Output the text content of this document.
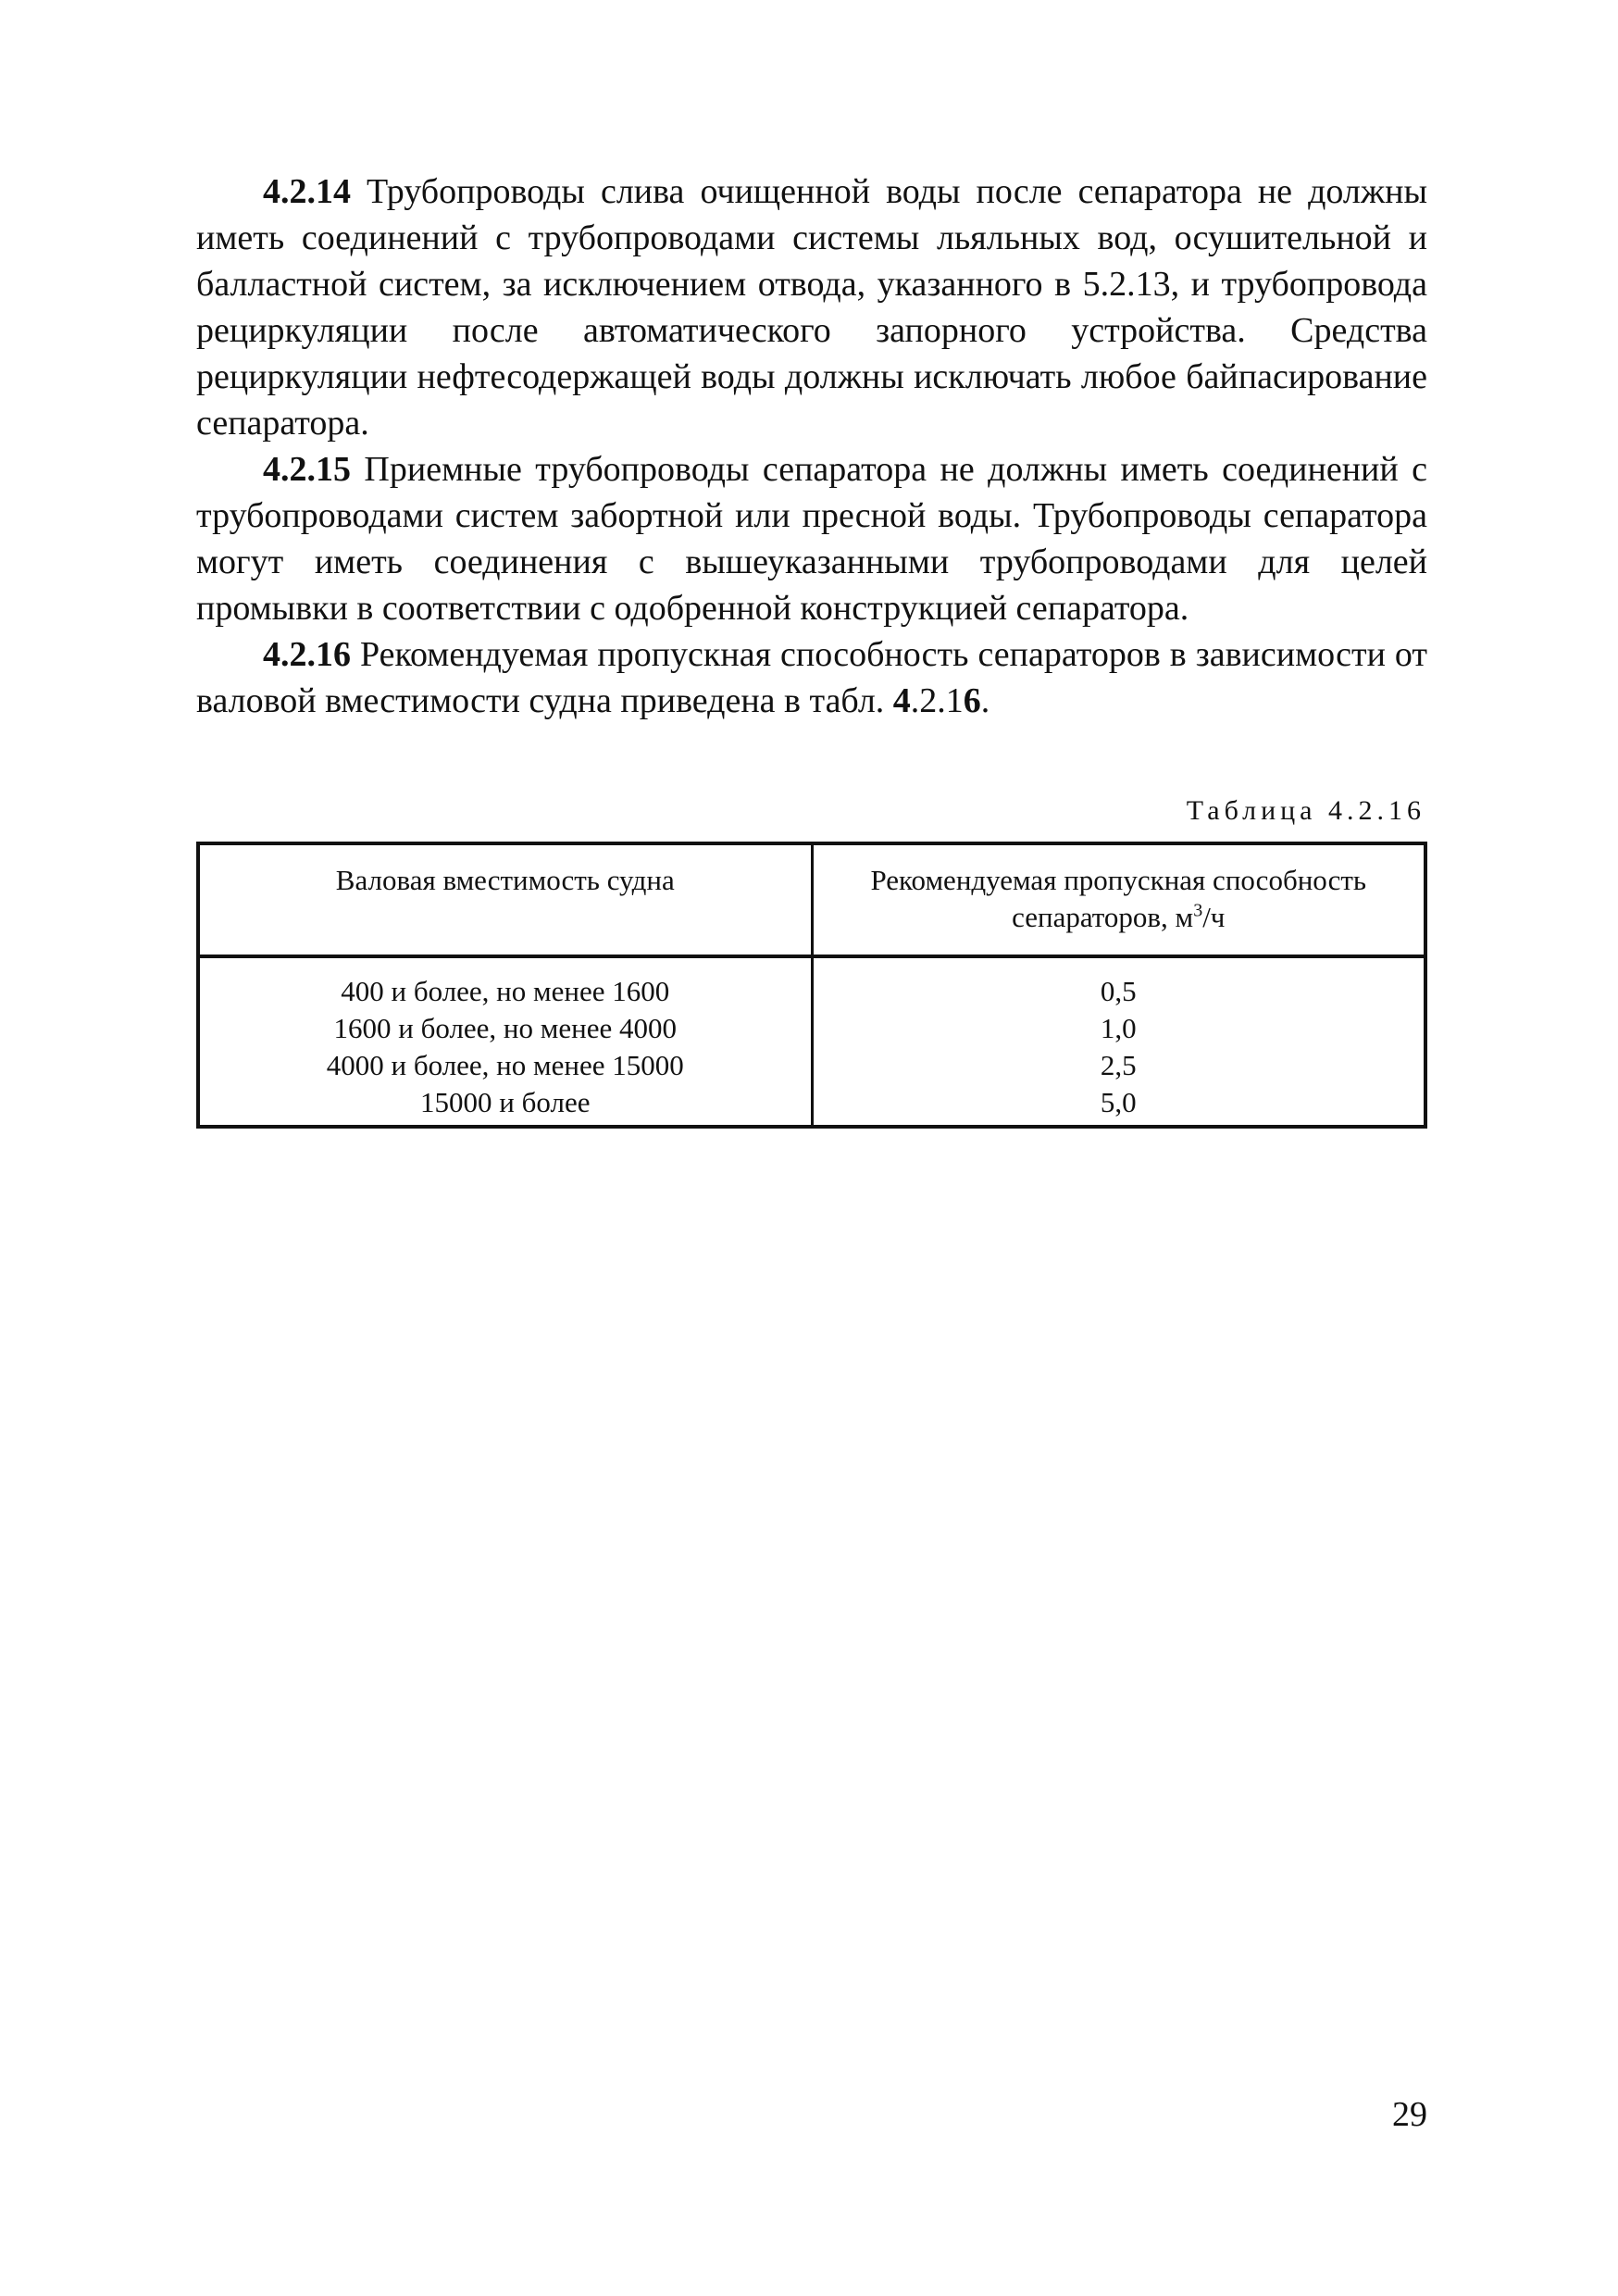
4.2.14 Трубопроводы слива очищенной воды после сепаратора не должны иметь соединений с трубопроводами системы льяльных вод, осушительной и балластной систем, за исключением отвода, указанного в 5.2.13, и трубопровода рециркуляции после автоматического запорного устройства. Средства рециркуляции нефтесодержащей воды должны исключать любое байпасирование сепаратора.

4.2.15 Приемные трубопроводы сепаратора не должны иметь соединений с трубопроводами систем забортной или пресной воды. Трубопроводы сепаратора могут иметь соединения с вышеуказанными трубопроводами для целей промывки в соответствии с одобренной конструкцией сепаратора.

4.2.16 Рекомендуемая пропускная способность сепараторов в зависимости от валовой вместимости судна приведена в табл. 4.2.16.

Таблица 4.2.16
Валовая вместимость судна	Рекомендуемая пропускная способность
сепараторов, $м^3/ч$
400 и более, но менее 1600	0,5
1600 и более, но менее 4000	1,0
4000 и более, но менее 15000	2,5
15000 и более	5,0
29
